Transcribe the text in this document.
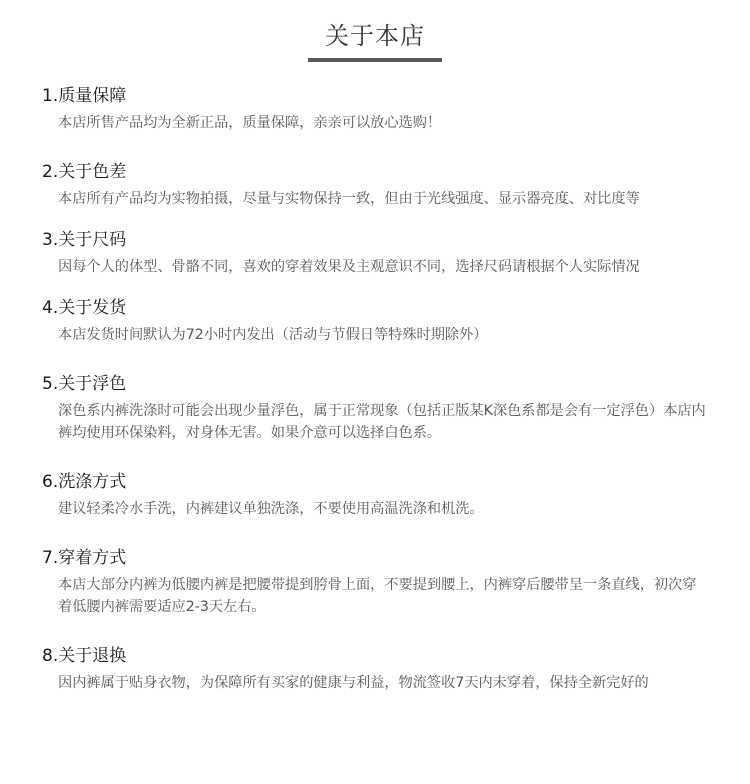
关于本店
1.质量保障
本店所售产品均为全新正品，质量保障，亲亲可以放心选购！
2.关于色差
本店所有产品均为实物拍摄，尽量与实物保持一致，但由于光线强度、显示器亮度、对比度等
3.关于尺码
因每个人的体型、骨骼不同，喜欢的穿着效果及主观意识不同，选择尺码请根据个人实际情况
4.关于发货
本店发货时间默认为72小时内发出（活动与节假日等特殊时期除外）
5.关于浮色
深色系内裤洗涤时可能会出现少量浮色，属于正常现象（包括正版某K深色系都是会有一定浮色）本店内裤均使用环保染料，对身体无害。如果介意可以选择白色系。
6.洗涤方式
建议轻柔冷水手洗，内裤建议单独洗涤，不要使用高温洗涤和机洗。
7.穿着方式
本店大部分内裤为低腰内裤是把腰带提到胯骨上面，不要提到腰上，内裤穿后腰带呈一条直线，初次穿着低腰内裤需要适应2-3天左右。
8.关于退换
因内裤属于贴身衣物，为保障所有买家的健康与利益，物流签收7天内未穿着，保持全新完好的
